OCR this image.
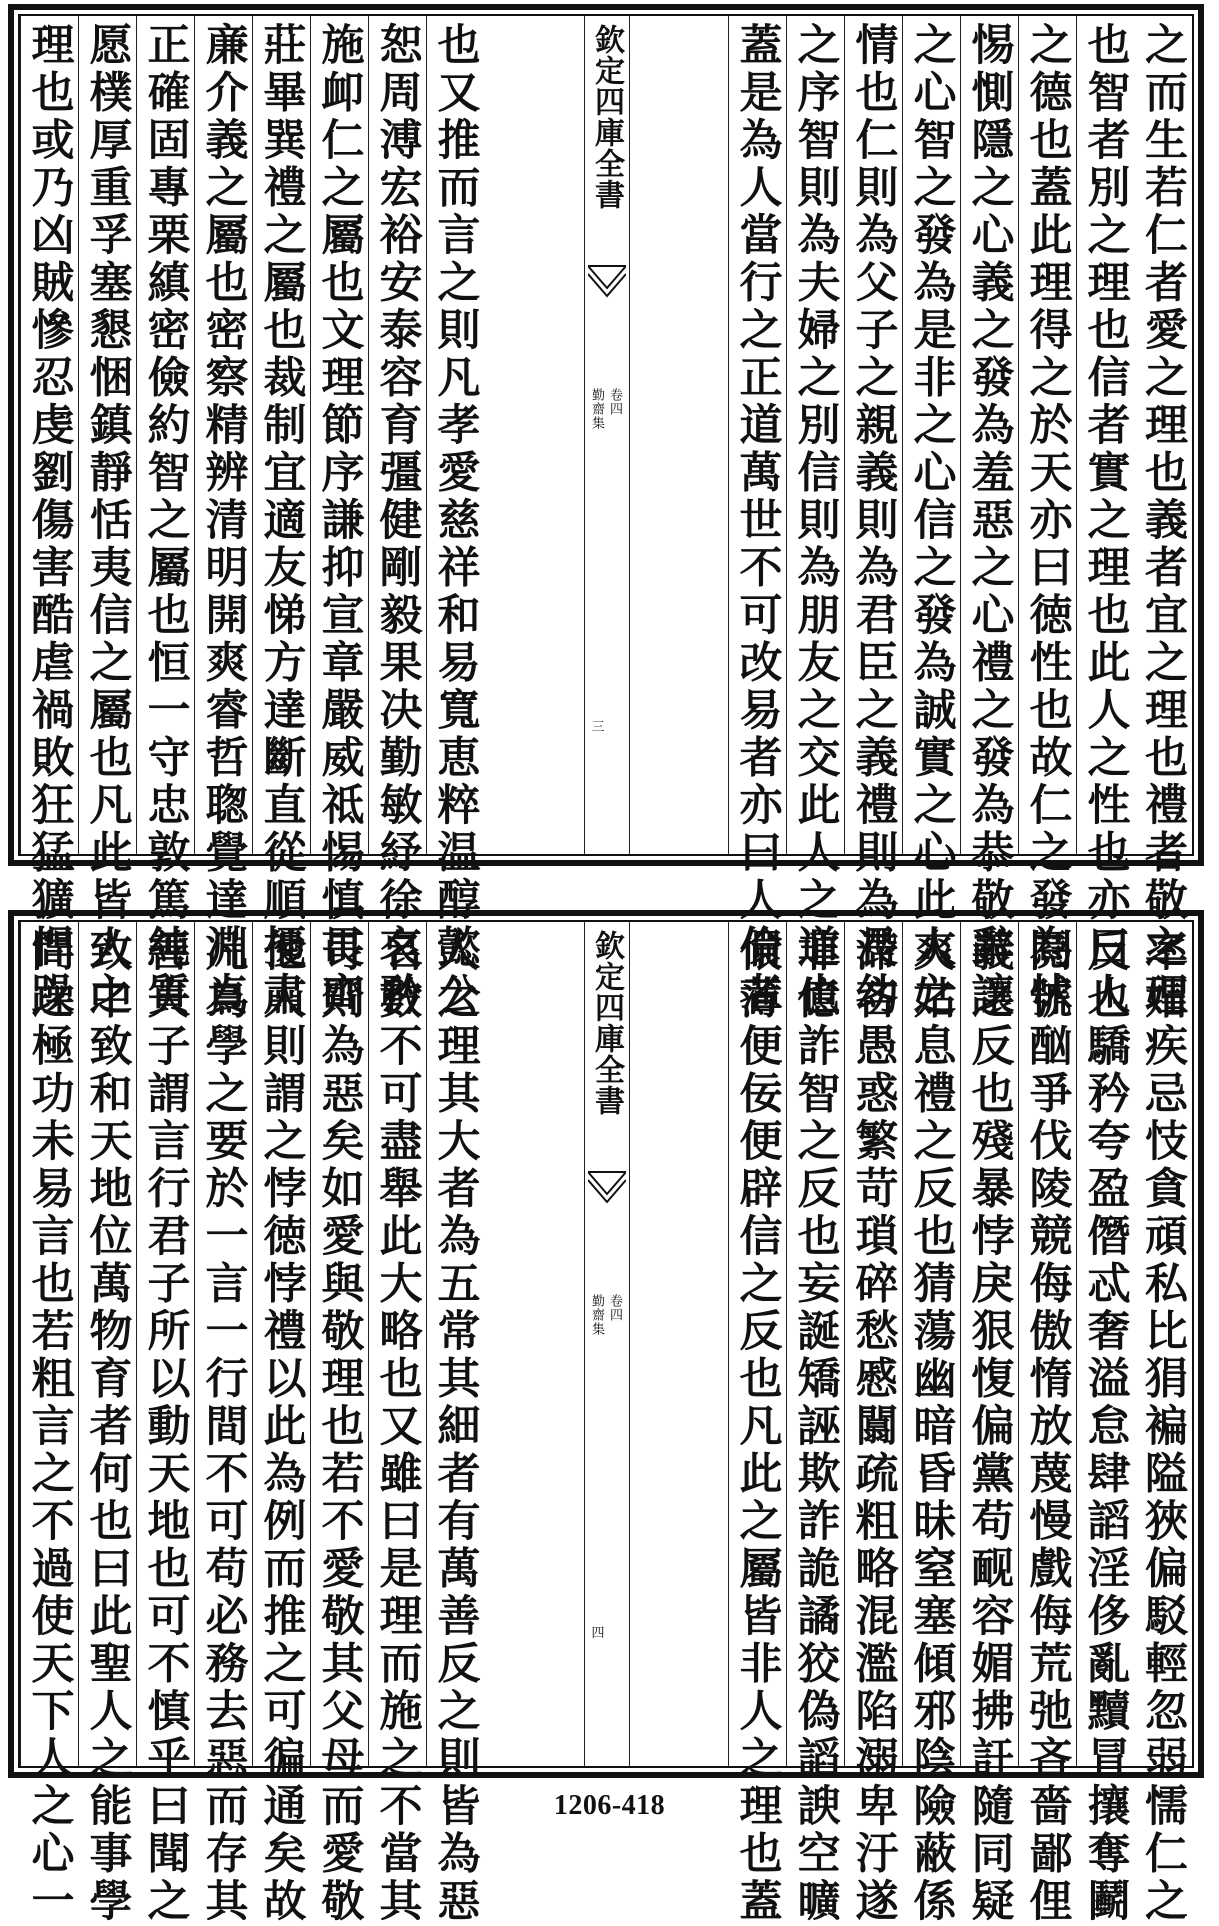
之而生若仁者愛之理也義者宜之理也禮者敬之理
也智者別之理也信者實之理也此人之性也亦曰人
之德也蓋此理得之於天亦曰徳性也故仁之發為怵
惕惻隱之心義之發為羞惡之心禮之發為恭敬辭讓
之心智之發為是非之心信之發為誠實之心此人之
情也仁則為父子之親義則為君臣之義禮則為長幼
之序智則為夫婦之別信則為朋友之交此人之道也
蓋是為人當行之正道萬世不可改易者亦曰人倫者
欽定四庫全書
勤齋集 卷四
三
也又推而言之則凡孝愛慈祥和易寬恵粹温醇懿公
恕周溥宏裕安泰容育彊健剛毅果决勤敏紓徐哀矜
施卹仁之屬也文理節序謙抑宣章嚴威祗惕慎畏齊
莊畢巽禮之屬也裁制宜適友悌方達斷直從順擾肅
亷介義之屬也密察精辨清明開爽睿哲聦覺達淵貞
正確固專栗縝密儉約智之屬也恒一守忠敦篤純質
愿樸厚重孚塞懇悃鎮靜恬夷信之屬也凡此皆人之
理也或乃凶賊慘忍虔劉傷害酷虐禍敗狂猛獷悍躁
率媢疾忌忮貪頑私比狷褊隘狹偏駁輕忽弱懦仁之
反也驕矜夸盈僭忒奢溢怠肆謟淫侈亂黷冒攘奪鬬
鬩號酗爭伐陵競侮傲惰放蔑慢戲侮荒弛吝嗇鄙俚
義之反也殘暴悖戾狠愎偏黨苟䩄容媚拂訐隨同疑
爽姑息禮之反也猜蕩幽暗昏昧窒塞傾邪陰險蔽係
滯吝愚惑繁苛瑣碎愁慼闒疏粗略混濫陷溺卑汙遂
非億詐智之反也妄誕矯誣欺詐詭譎狡偽謟諛空曠
儇薄便佞便辟信之反也凡此之屬皆非人之理也蓋
欽定四庫全書
勤齋集 卷四
四
人之理其大者為五常其細者有萬善反之則皆為惡
名數不可盡舉此大略也又雖曰是理而施之不當其
可則為惡矣如愛與敬理也若不愛敬其父母而愛敬
他人則謂之悖徳悖禮以此為例而推之可徧通矣故
凡為學之要於一言一行間不可苟必務去惡而存其
善夫子謂言行君子所以動天地也可不慎乎曰聞之
致中致和天地位萬物育者何也曰此聖人之能事學
問之極功未易言也若粗言之不過使天下人之心一	1206-418
